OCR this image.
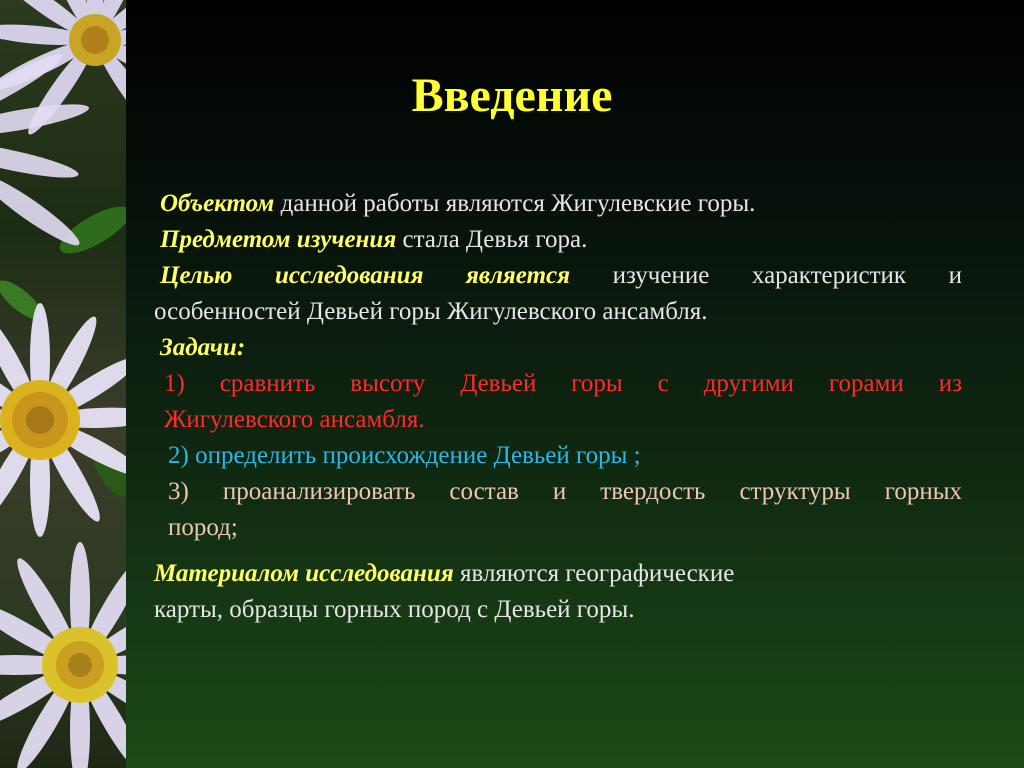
Введение

Объектом данной работы являются Жигулевские горы.

Предметом изучения стала Девья гора.

Целью исследования является изучение характеристик и

особенностей Девьей горы Жигулевского ансамбля.

Задачи:

1) сравнить высоту Девьей горы с другими горами из

Жигулевского ансамбля.

2) определить происхождение Девьей горы ;

3) проанализировать состав и твердость структуры горных

пород;

Материалом исследования являются географические

карты, образцы горных пород с Девьей горы.
